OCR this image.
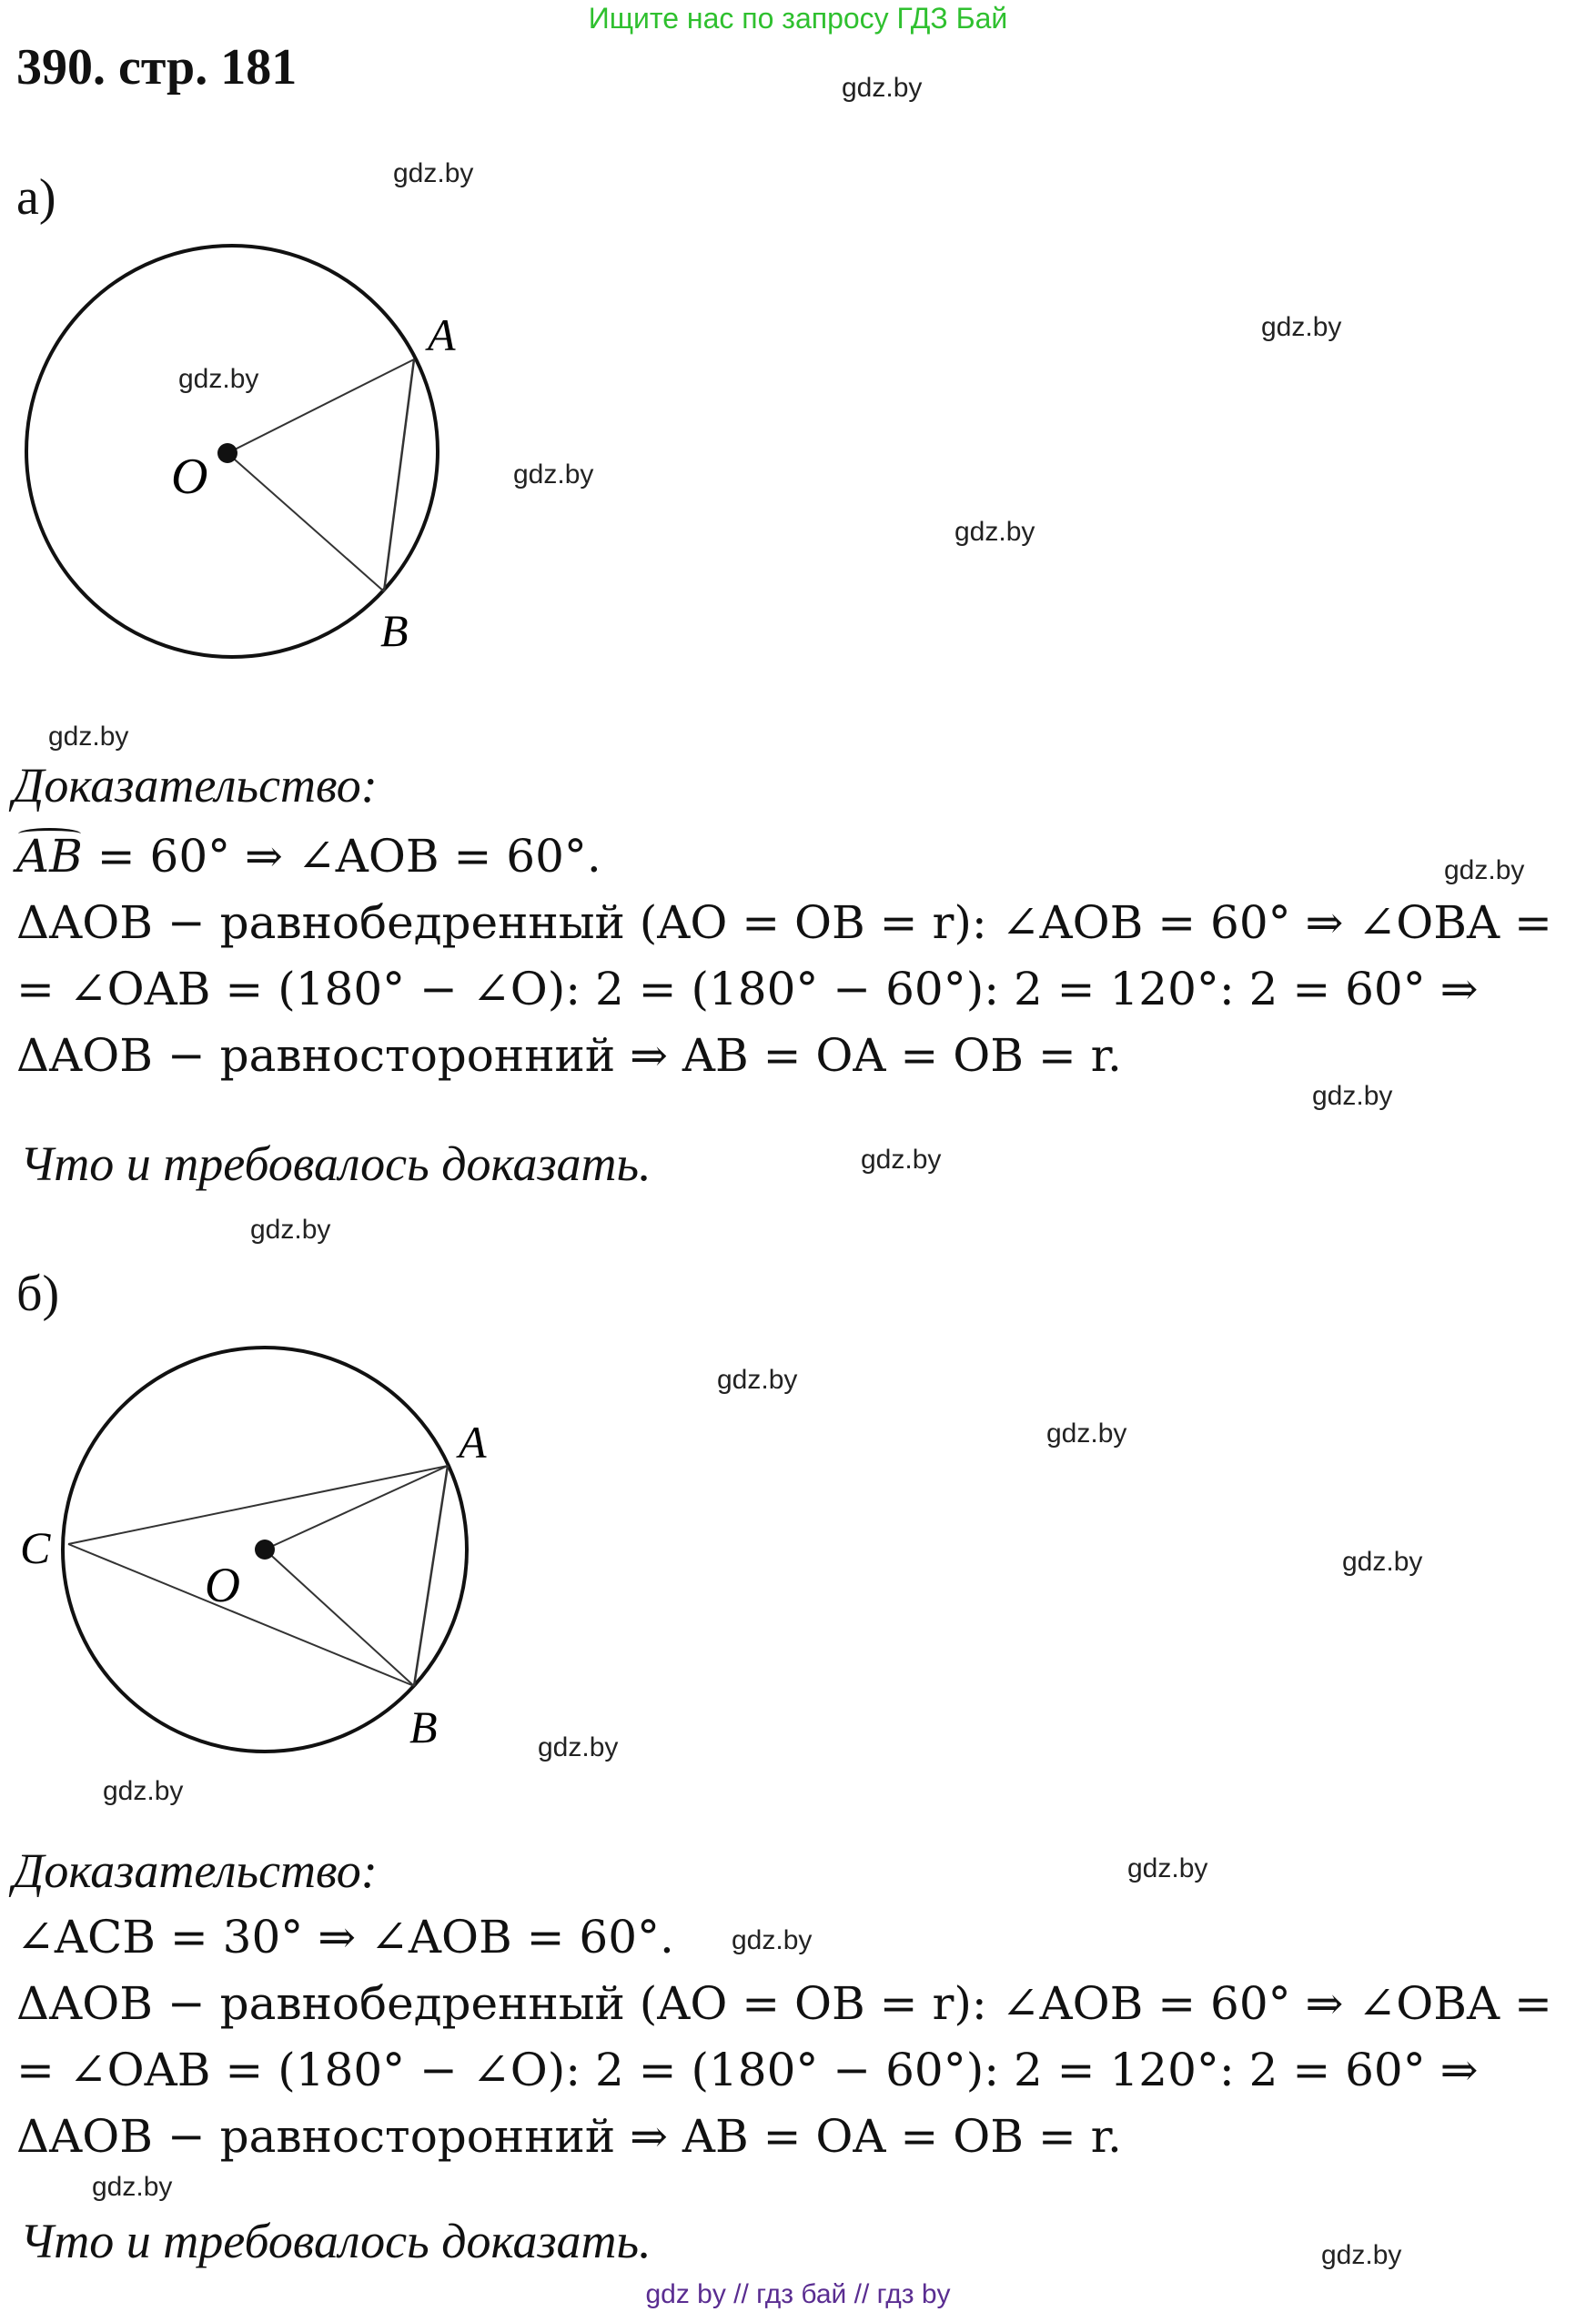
Ищите нас по запросу ГДЗ Бай
390. стр. 181	gdz.by
gdz.by
gdz.by
gdz.by
gdz.by
gdz.by
gdz.by
gdz.by
gdz.by
gdz.by
gdz.by
gdz.by
gdz.by
gdz.by
gdz.by
gdz.by
gdz.by
gdz.by
gdz.by
gdz.by
а)
O
A
B
Доказательство:
AB = 60° ⇒ ∠AOB = 60°.
ΔAOB − равнобедренный (AO = OB = r): ∠AOB = 60° ⇒ ∠OBA =
= ∠OAB = (180° − ∠O): 2 = (180° − 60°): 2 = 120°: 2 = 60° ⇒
ΔAOB − равносторонний ⇒ AB = OA = OB = r.
Что и требовалось доказать.
б)
O
A
B
C
Доказательство:
∠ACB = 30° ⇒ ∠AOB = 60°.
ΔAOB − равнобедренный (AO = OB = r): ∠AOB = 60° ⇒ ∠OBA =
= ∠OAB = (180° − ∠O): 2 = (180° − 60°): 2 = 120°: 2 = 60° ⇒
ΔAOB − равносторонний ⇒ AB = OA = OB = r.
Что и требовалось доказать.
gdz by // гдз бай // гдз by
